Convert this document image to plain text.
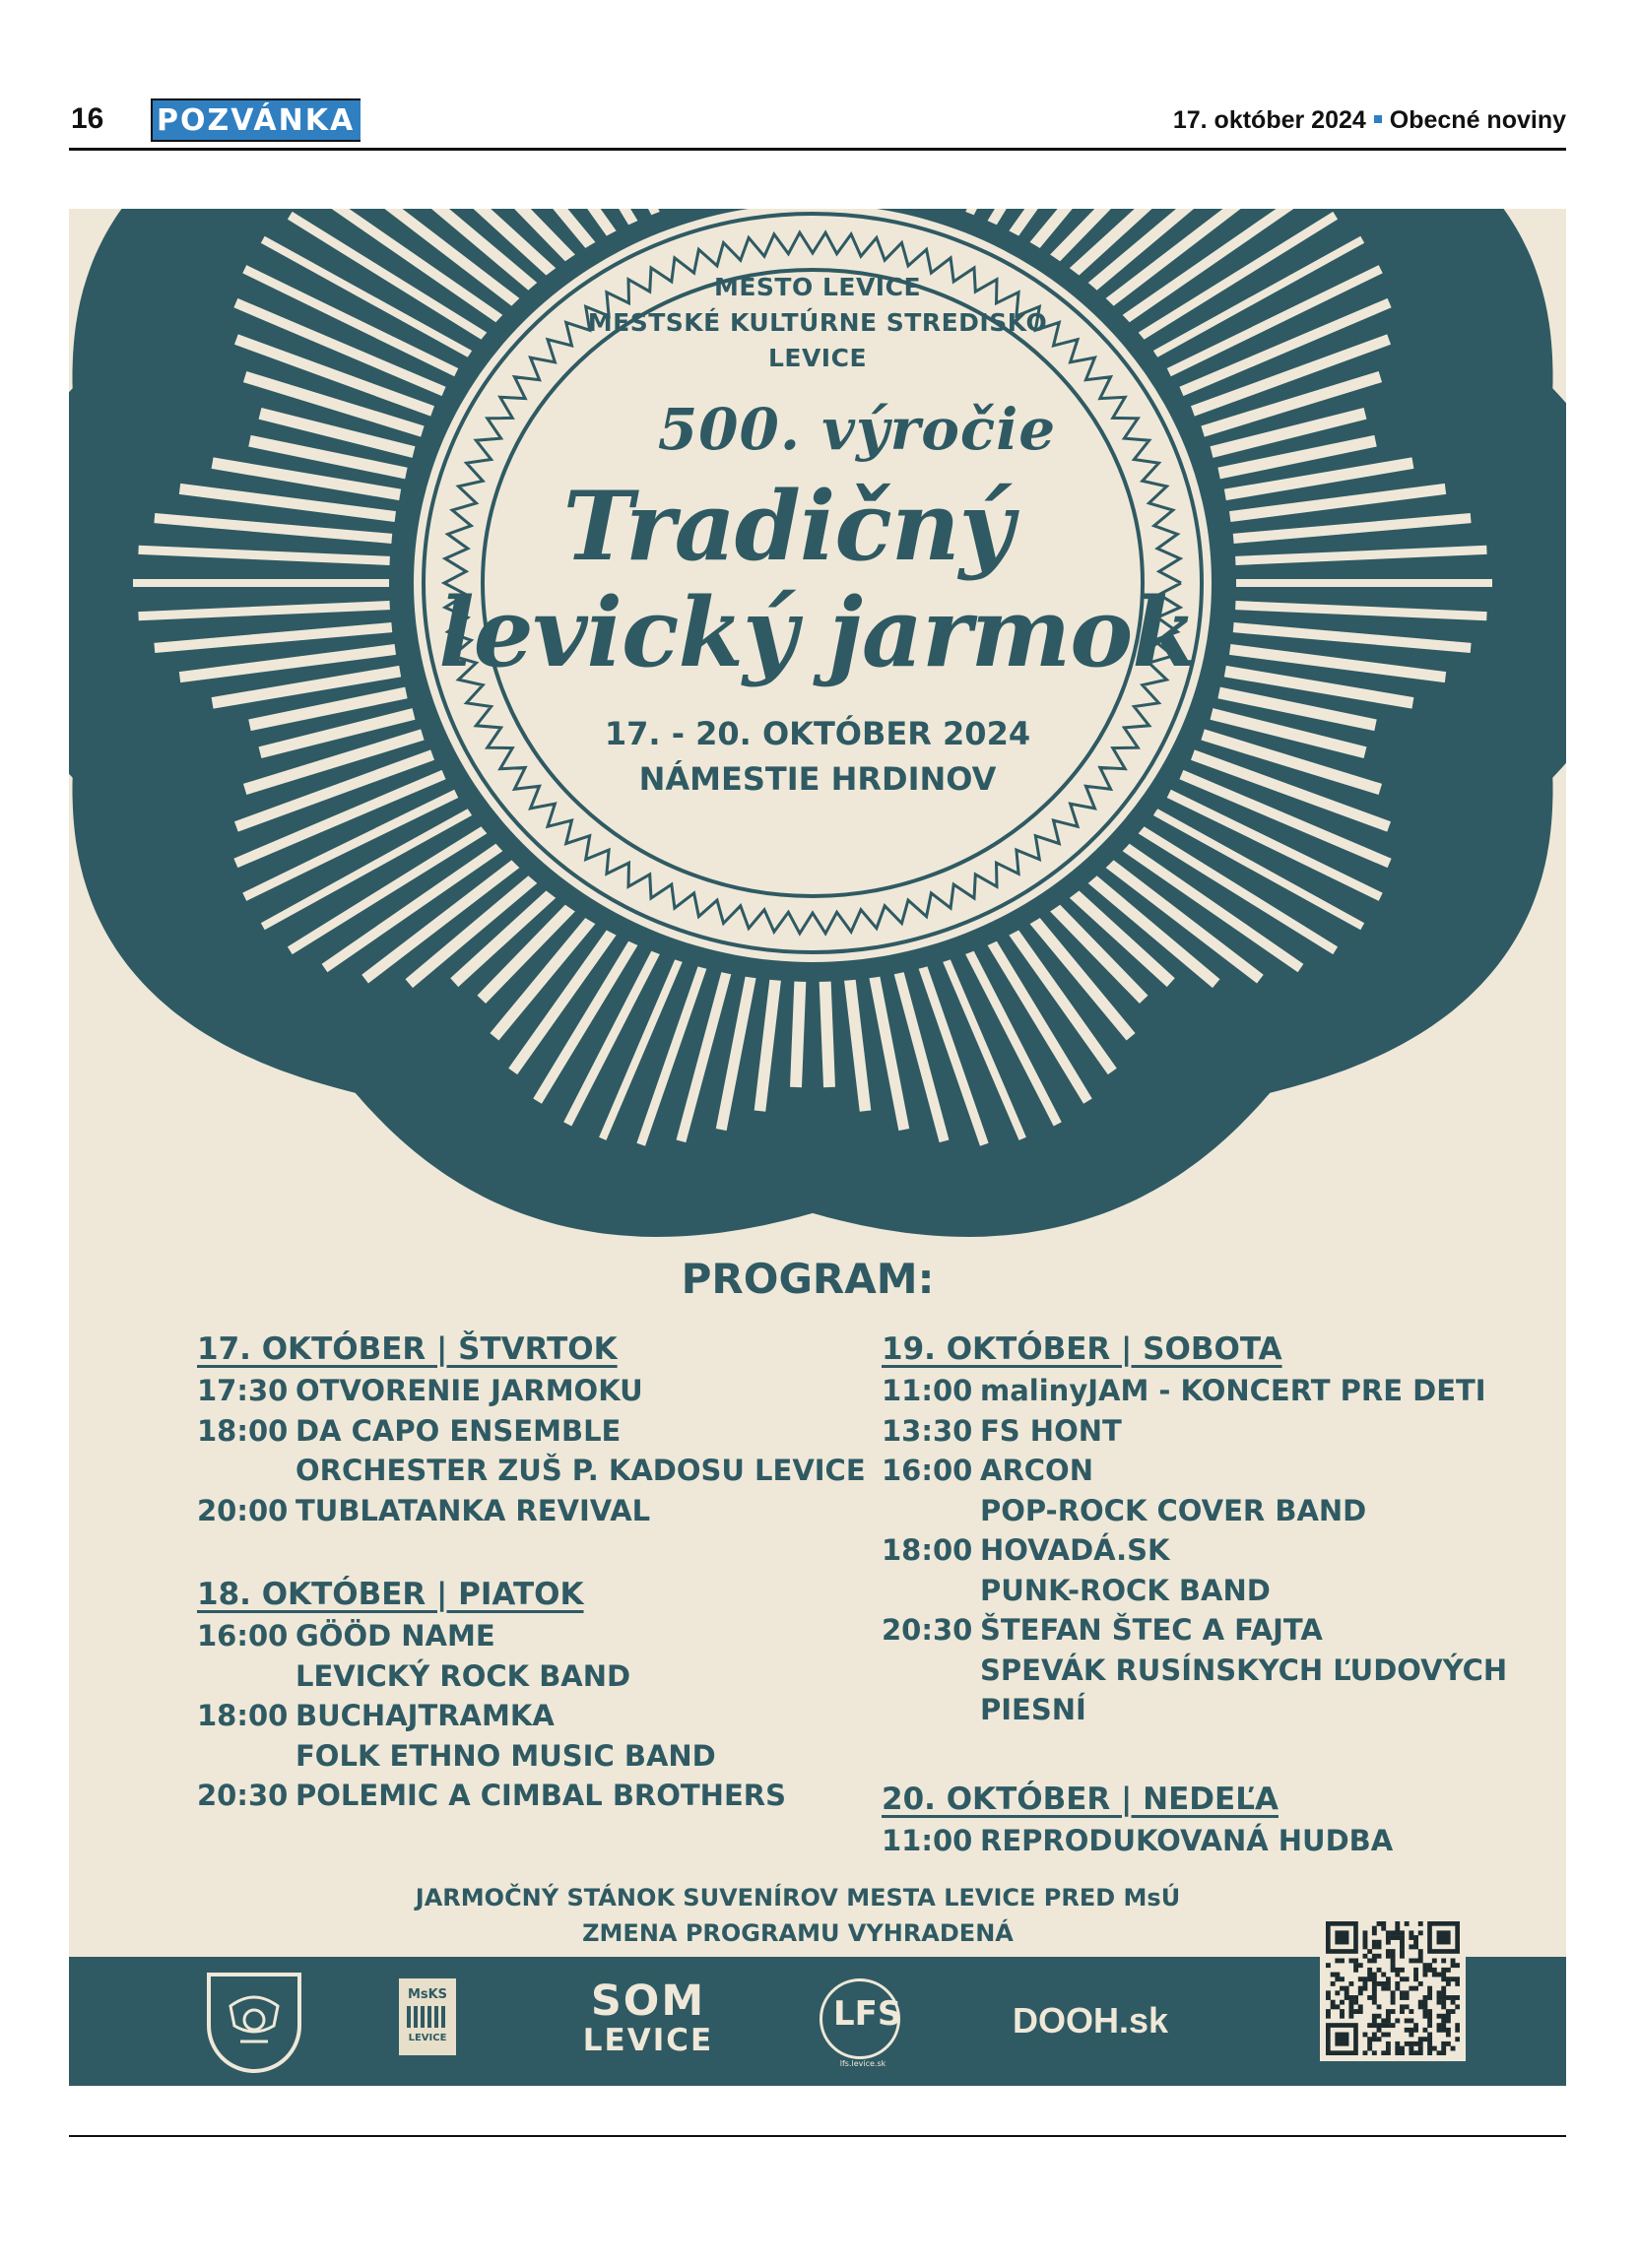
16 POZVÁNKA	17. október 2024 Obecné noviny
MESTO LEVICE
MESTSKÉ KULTÚRNE STREDISKO
LEVICE
500. výročie
Tradičný
levický jarmok
17. - 20. OKTÓBER 2024
NÁMESTIE HRDINOV
PROGRAM:
17. OKTÓBER | ŠTVRTOK
17:30 OTVORENIE JARMOKU
18:00 DA CAPO ENSEMBLE
ORCHESTER ZUŠ P. KADOSU LEVICE
20:00 TUBLATANKA REVIVAL
18. OKTÓBER | PIATOK
16:00 GÖÖD NAME
LEVICKÝ ROCK BAND
18:00 BUCHAJTRAMKA
FOLK ETHNO MUSIC BAND
20:30 POLEMIC A CIMBAL BROTHERS
19. OKTÓBER | SOBOTA
11:00 malinyJAM - KONCERT PRE DETI
13:30 FS HONT
16:00 ARCON
POP-ROCK COVER BAND
18:00 HOVADÁ.SK
PUNK-ROCK BAND
20:30 ŠTEFAN ŠTEC A FAJTA
SPEVÁK RUSÍNSKYCH ĽUDOVÝCH
PIESNÍ
20. OKTÓBER | NEDEĽA
11:00 REPRODUKOVANÁ HUDBA
JARMOČNÝ STÁNOK SUVENÍROV MESTA LEVICE PRED MsÚ
ZMENA PROGRAMU VYHRADENÁ
MsKS
LEVICE
SOM
LEVICE
LFS
lfs.levice.sk
DOOH.sk
